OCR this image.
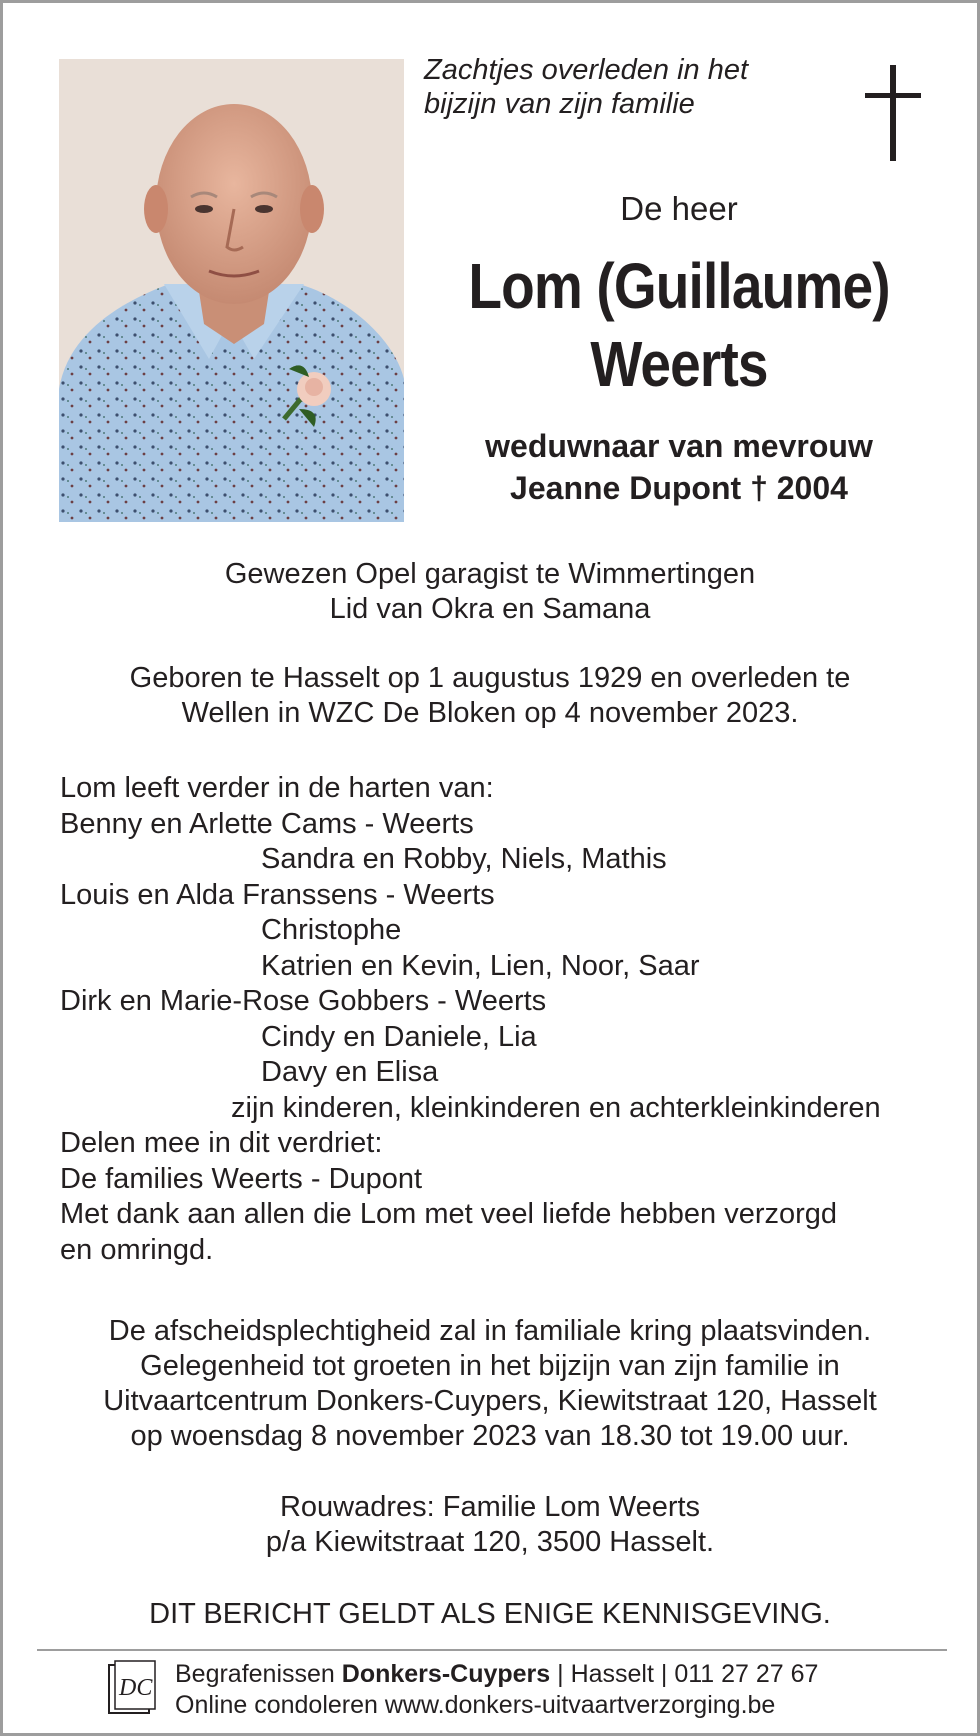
Zachtjes overleden in het
bijzijn van zijn familie

De heer

Lom (Guillaume)
Weerts
weduwnaar van mevrouw
Jeanne Dupont † 2004

Gewezen Opel garagist te Wimmertingen

Lid van Okra en Samana

Geboren te Hasselt op 1 augustus 1929 en overleden te

Wellen in WZC De Bloken op 4 november 2023.

Lom leeft verder in de harten van:
Benny en Arlette Cams - Weerts
Sandra en Robby, Niels, Mathis
Louis en Alda Franssens - Weerts
Christophe
Katrien en Kevin, Lien, Noor, Saar
Dirk en Marie-Rose Gobbers - Weerts
Cindy en Daniele, Lia
Davy en Elisa
zijn kinderen, kleinkinderen en achterkleinkinderen
Delen mee in dit verdriet:
De families Weerts - Dupont
Met dank aan allen die Lom met veel liefde hebben verzorgd
en omringd.

De afscheidsplechtigheid zal in familiale kring plaatsvinden.

Gelegenheid tot groeten in het bijzijn van zijn familie in

Uitvaartcentrum Donkers-Cuypers, Kiewitstraat 120, Hasselt

op woensdag 8 november 2023 van 18.30 tot 19.00 uur.

Rouwadres: Familie Lom Weerts

p/a Kiewitstraat 120, 3500 Hasselt.

DIT BERICHT GELDT ALS ENIGE KENNISGEVING.

DC Begrafenissen Donkers-Cuypers | Hasselt | 011 27 27 67
Online condoleren www.donkers-uitvaartverzorging.be
